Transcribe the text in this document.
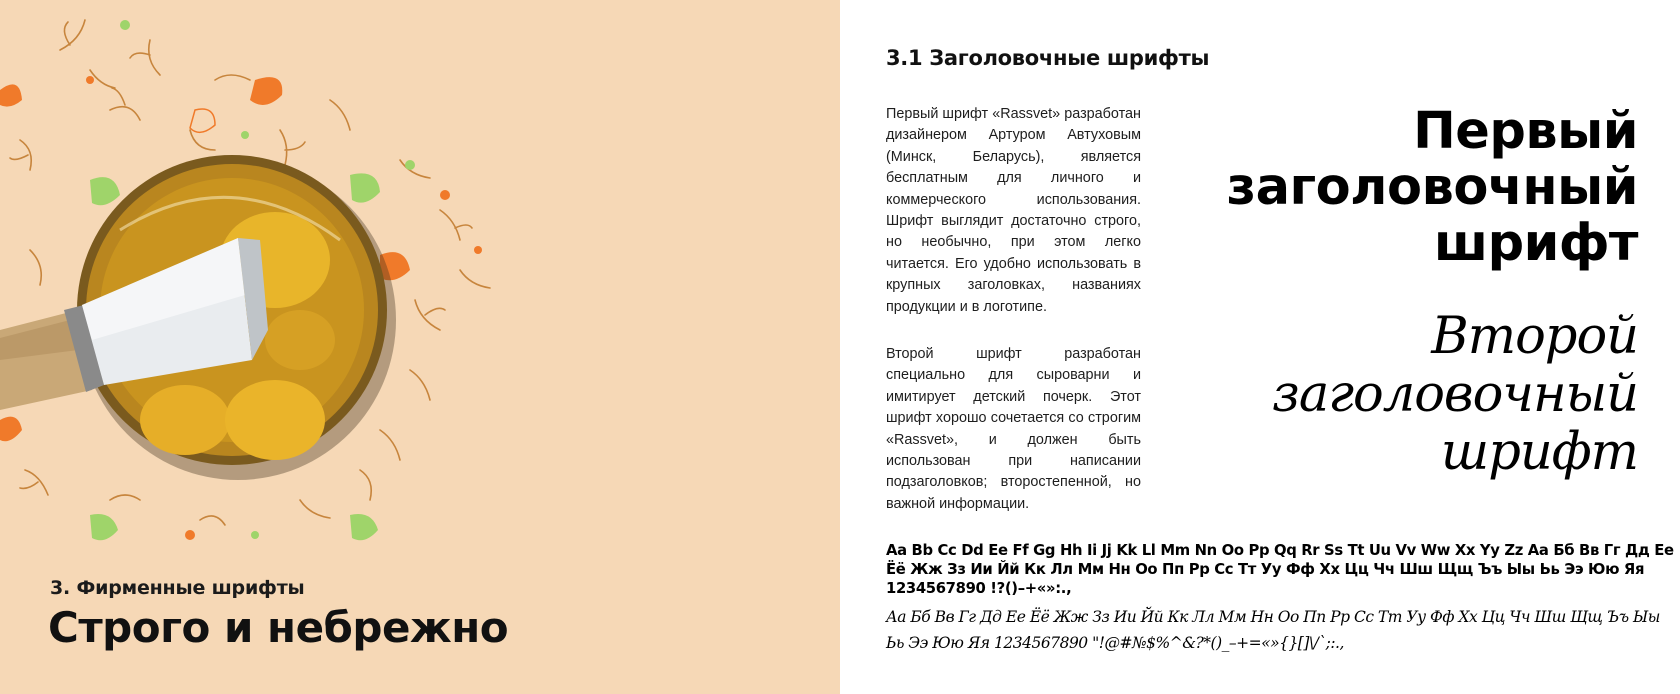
3. Фирменные шрифты
Строго и небрежно
3.1 Заголовочные шрифты

Первый шрифт «Rassvet» разработан дизайнером Артуром Автуховым (Минск, Беларусь), является бесплатным для личного и коммерческого использования. Шрифт выглядит достаточно строго, но необычно, при этом легко читается. Его удобно использовать в крупных заголовках, названиях продукции и в логотипе.

Второй шрифт разработан специально для сыроварни и имитирует детский почерк. Этот шрифт хорошо сочетается со строгим «Rassvet», и должен быть использован при написании подзаголовков; второстепенной, но важной информации.

Первый
заголовочный
шрифт
Второй
заголовочный
шрифт

Aa Bb Cc Dd Ee Ff Gg Hh Ii Jj Kk Ll Mm Nn Oo Pp Qq Rr Ss Tt Uu Vv Ww Xx Yy Zz Аа Бб Вв Гг Дд Ее Ёё Жж Зз Ии Йй Кк Лл Мм Нн Оо Пп Рр Сс Тт Уу Фф Хх Цц Чч Шш Щщ Ъъ Ыы Ьь Ээ Юю Яя 1234567890 !?()–+«»:.,

Аа Бб Вв Гг Дд Ее Ёё Жж Зз Ии Йй Кк Лл Мм Нн Оо Пп Рр Сс Тт Уу Фф Хх Цц Чч Шш Щщ Ъъ Ыы Ьь Ээ Юю Яя 1234567890 "!@#№$%^&?*()_–+=«»{}[]\/`;:.,
